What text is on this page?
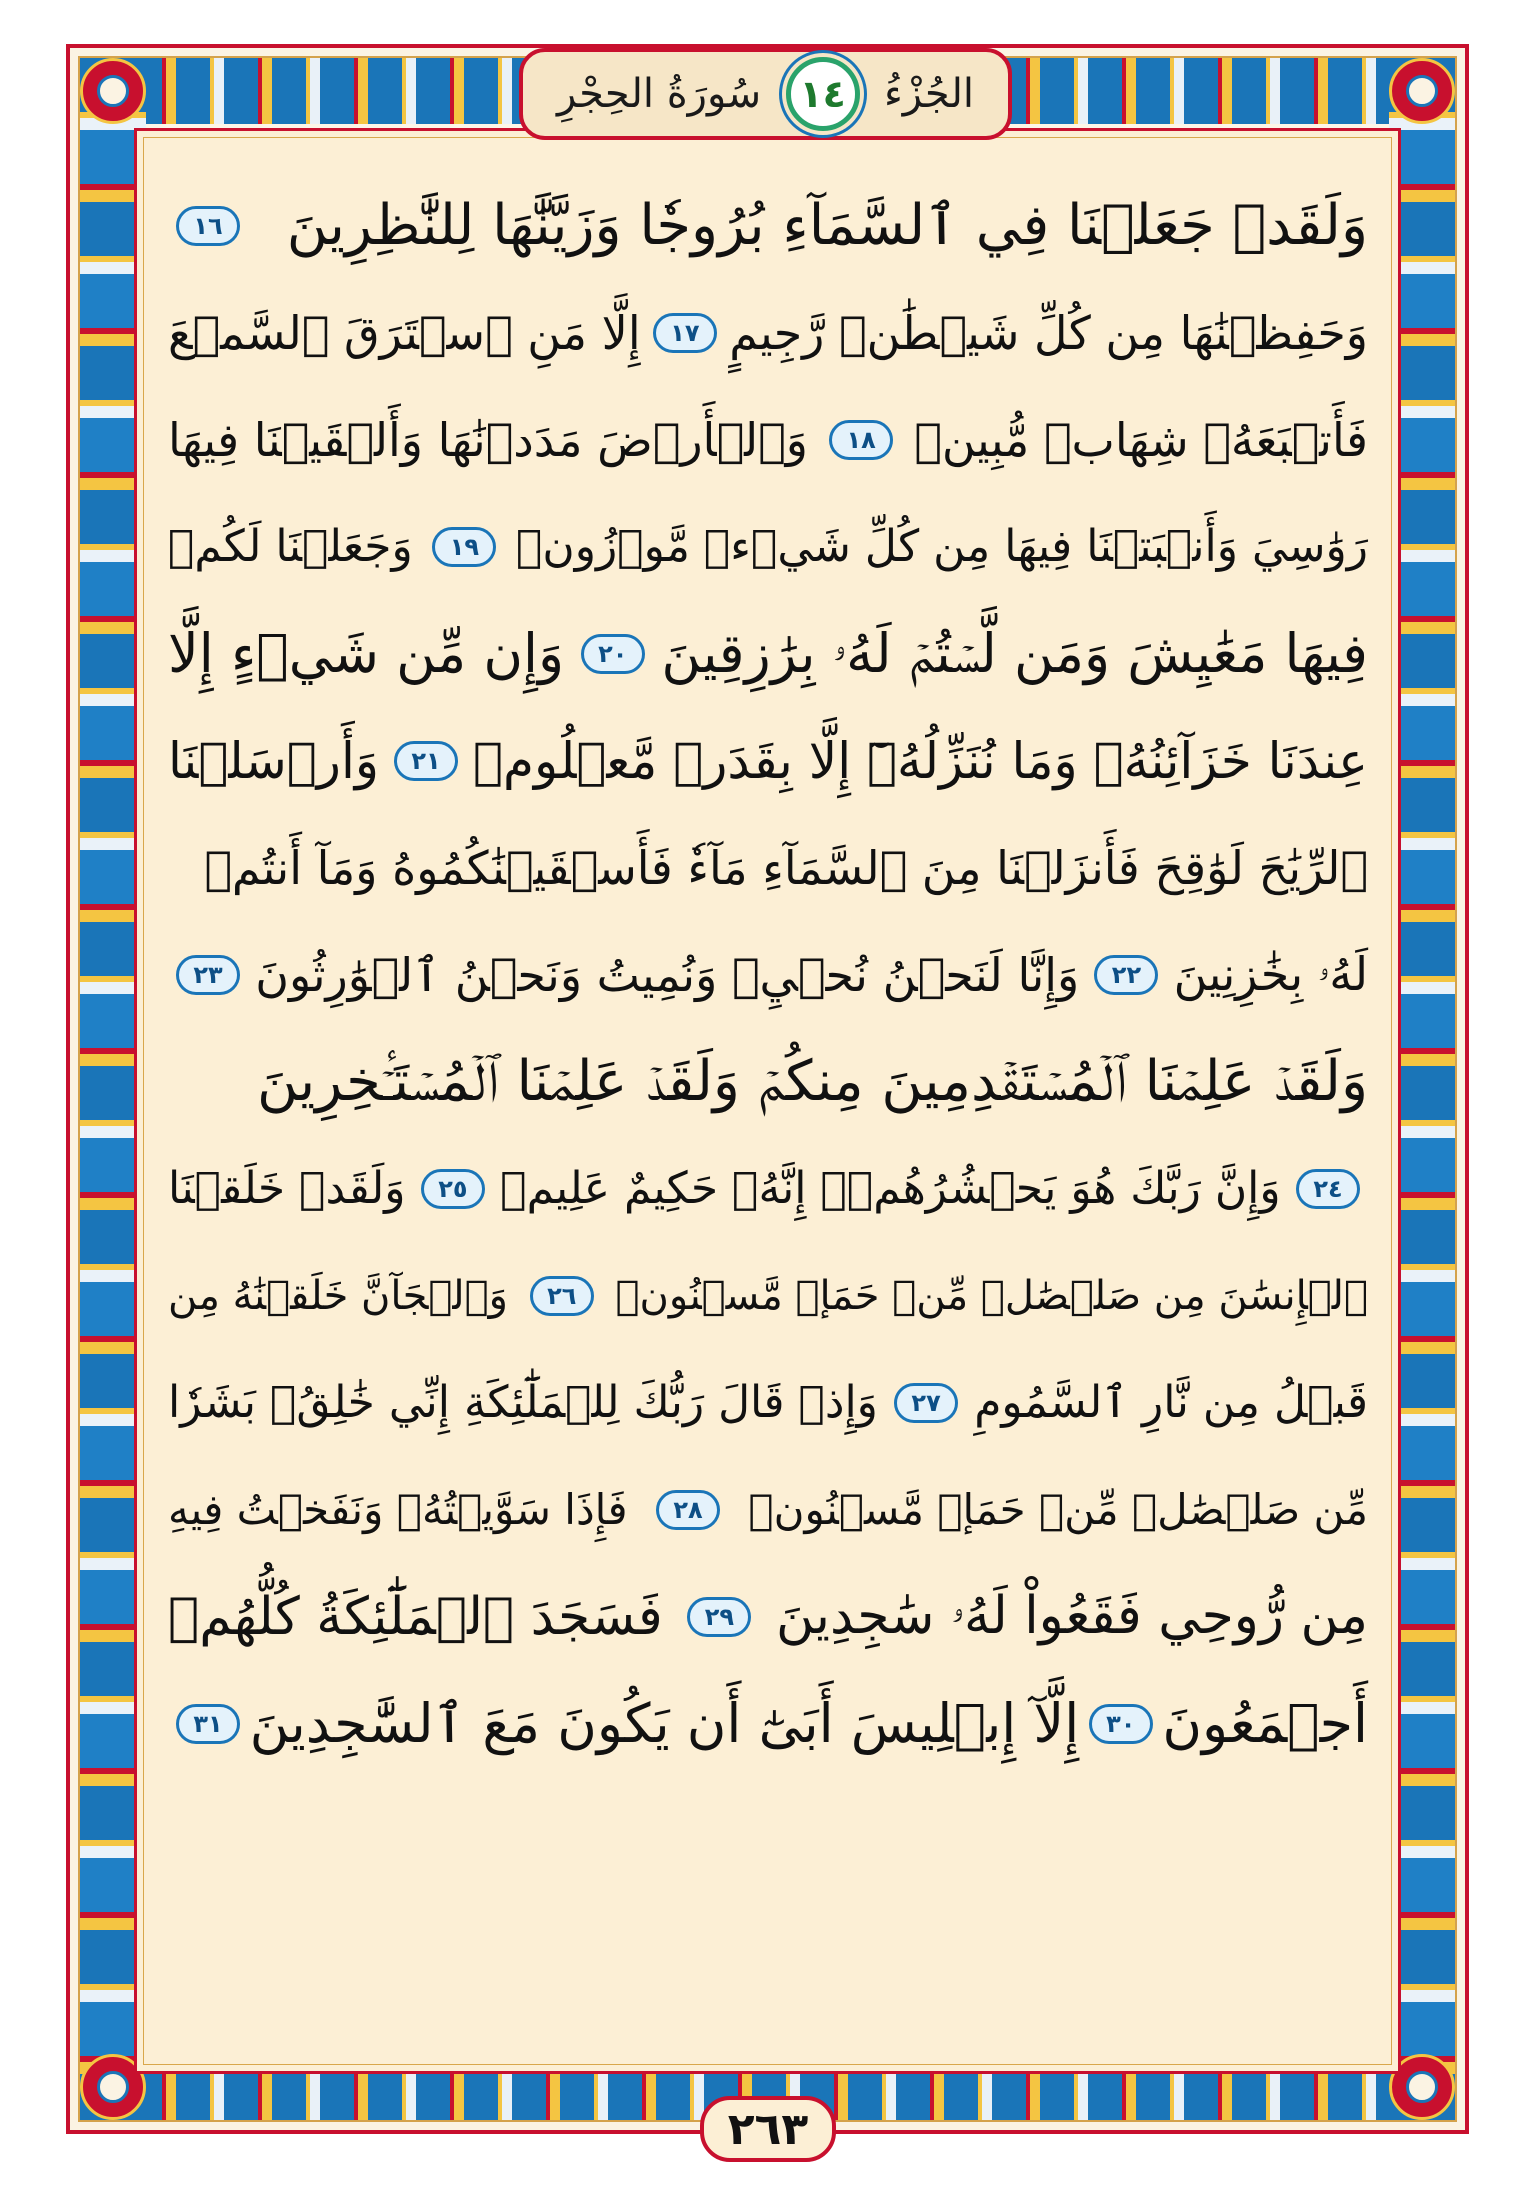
الجُزْءُ
١٤
سُورَةُ الحِجْرِ
وَلَقَدۡ جَعَلۡنَا فِي ٱلسَّمَآءِ بُرُوجٗا وَزَيَّنَّٰهَا لِلنَّٰظِرِينَ
١٦
وَحَفِظۡنَٰهَا مِن كُلِّ شَيۡطَٰنٖ رَّجِيمٍ
١٧
إِلَّا مَنِ ٱسۡتَرَقَ ٱلسَّمۡعَ
فَأَتۡبَعَهُۥ شِهَابٞ مُّبِينٞ
١٨
وَٱلۡأَرۡضَ مَدَدۡنَٰهَا وَأَلۡقَيۡنَا فِيهَا
رَوَٰسِيَ وَأَنۢبَتۡنَا فِيهَا مِن كُلِّ شَيۡءٖ مَّوۡزُونٖ
١٩
وَجَعَلۡنَا لَكُمۡ
فِيهَا مَعَٰيِشَ وَمَن لَّسۡتُمۡ لَهُۥ بِرَٰزِقِينَ
٢٠
وَإِن مِّن شَيۡءٍ إِلَّا
عِندَنَا خَزَآئِنُهُۥ وَمَا نُنَزِّلُهُۥٓ إِلَّا بِقَدَرٖ مَّعۡلُومٖ
٢١
وَأَرۡسَلۡنَا
ٱلرِّيَٰحَ لَوَٰقِحَ فَأَنزَلۡنَا مِنَ ٱلسَّمَآءِ مَآءٗ فَأَسۡقَيۡنَٰكُمُوهُ وَمَآ أَنتُمۡ
لَهُۥ بِخَٰزِنِينَ
٢٢
وَإِنَّا لَنَحۡنُ نُحۡيِۦ وَنُمِيتُ وَنَحۡنُ ٱلۡوَٰرِثُونَ
٢٣
وَلَقَدۡ عَلِمۡنَا ٱلۡمُسۡتَقۡدِمِينَ مِنكُمۡ وَلَقَدۡ عَلِمۡنَا ٱلۡمُسۡتَـٔۡخِرِينَ
٢٤
وَإِنَّ رَبَّكَ هُوَ يَحۡشُرُهُمۡۚ إِنَّهُۥ حَكِيمٌ عَلِيمٞ
٢٥
وَلَقَدۡ خَلَقۡنَا
ٱلۡإِنسَٰنَ مِن صَلۡصَٰلٖ مِّنۡ حَمَإٖ مَّسۡنُونٖ
٢٦
وَٱلۡجَآنَّ خَلَقۡنَٰهُ مِن
قَبۡلُ مِن نَّارِ ٱلسَّمُومِ
٢٧
وَإِذۡ قَالَ رَبُّكَ لِلۡمَلَٰٓئِكَةِ إِنِّي خَٰلِقُۢ بَشَرٗا
مِّن صَلۡصَٰلٖ مِّنۡ حَمَإٖ مَّسۡنُونٖ
٢٨
فَإِذَا سَوَّيۡتُهُۥ وَنَفَخۡتُ فِيهِ
مِن رُّوحِي فَقَعُواْ لَهُۥ سَٰجِدِينَ
٢٩
فَسَجَدَ ٱلۡمَلَٰٓئِكَةُ كُلُّهُمۡ
أَجۡمَعُونَ
٣٠
إِلَّآ إِبۡلِيسَ أَبَىٰٓ أَن يَكُونَ مَعَ ٱلسَّٰجِدِينَ
٣١
٢٦٣
